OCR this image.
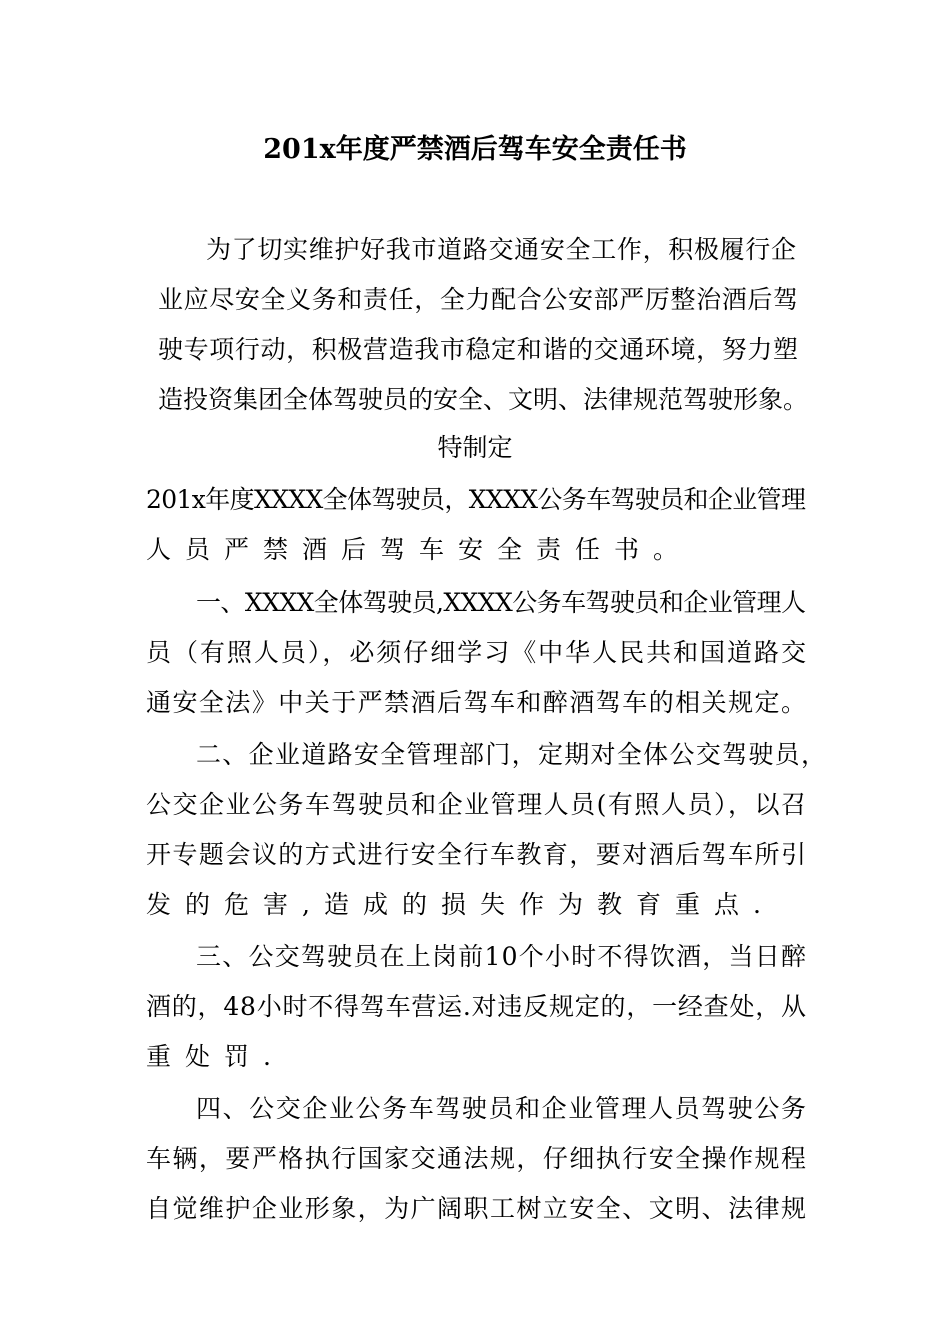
201x年度严禁酒后驾车安全责任书
为了切实维护好我市道路交通安全工作，积极履行企
业应尽安全义务和责任，全力配合公安部严厉整治酒后驾
驶专项行动，积极营造我市稳定和谐的交通环境，努力塑
造投资集团全体驾驶员的安全、文明、法律规范驾驶形象。
特制定
201x年度XXXX全体驾驶员，XXXX公务车驾驶员和企业管理
人员严禁酒后驾车安全责任书。
一、XXXX全体驾驶员,XXXX公务车驾驶员和企业管理人
员（有照人员），必须仔细学习《中华人民共和国道路交
通安全法》中关于严禁酒后驾车和醉酒驾车的相关规定。
二、企业道路安全管理部门，定期对全体公交驾驶员，
公交企业公务车驾驶员和企业管理人员(有照人员），以召
开专题会议的方式进行安全行车教育，要对酒后驾车所引
发的危害,造成的损失作为教育重点.
三、公交驾驶员在上岗前10个小时不得饮酒，当日醉
酒的，48小时不得驾车营运.对违反规定的，一经查处，从
重处罚.
四、公交企业公务车驾驶员和企业管理人员驾驶公务
车辆，要严格执行国家交通法规，仔细执行安全操作规程
自觉维护企业形象，为广阔职工树立安全、文明、法律规
